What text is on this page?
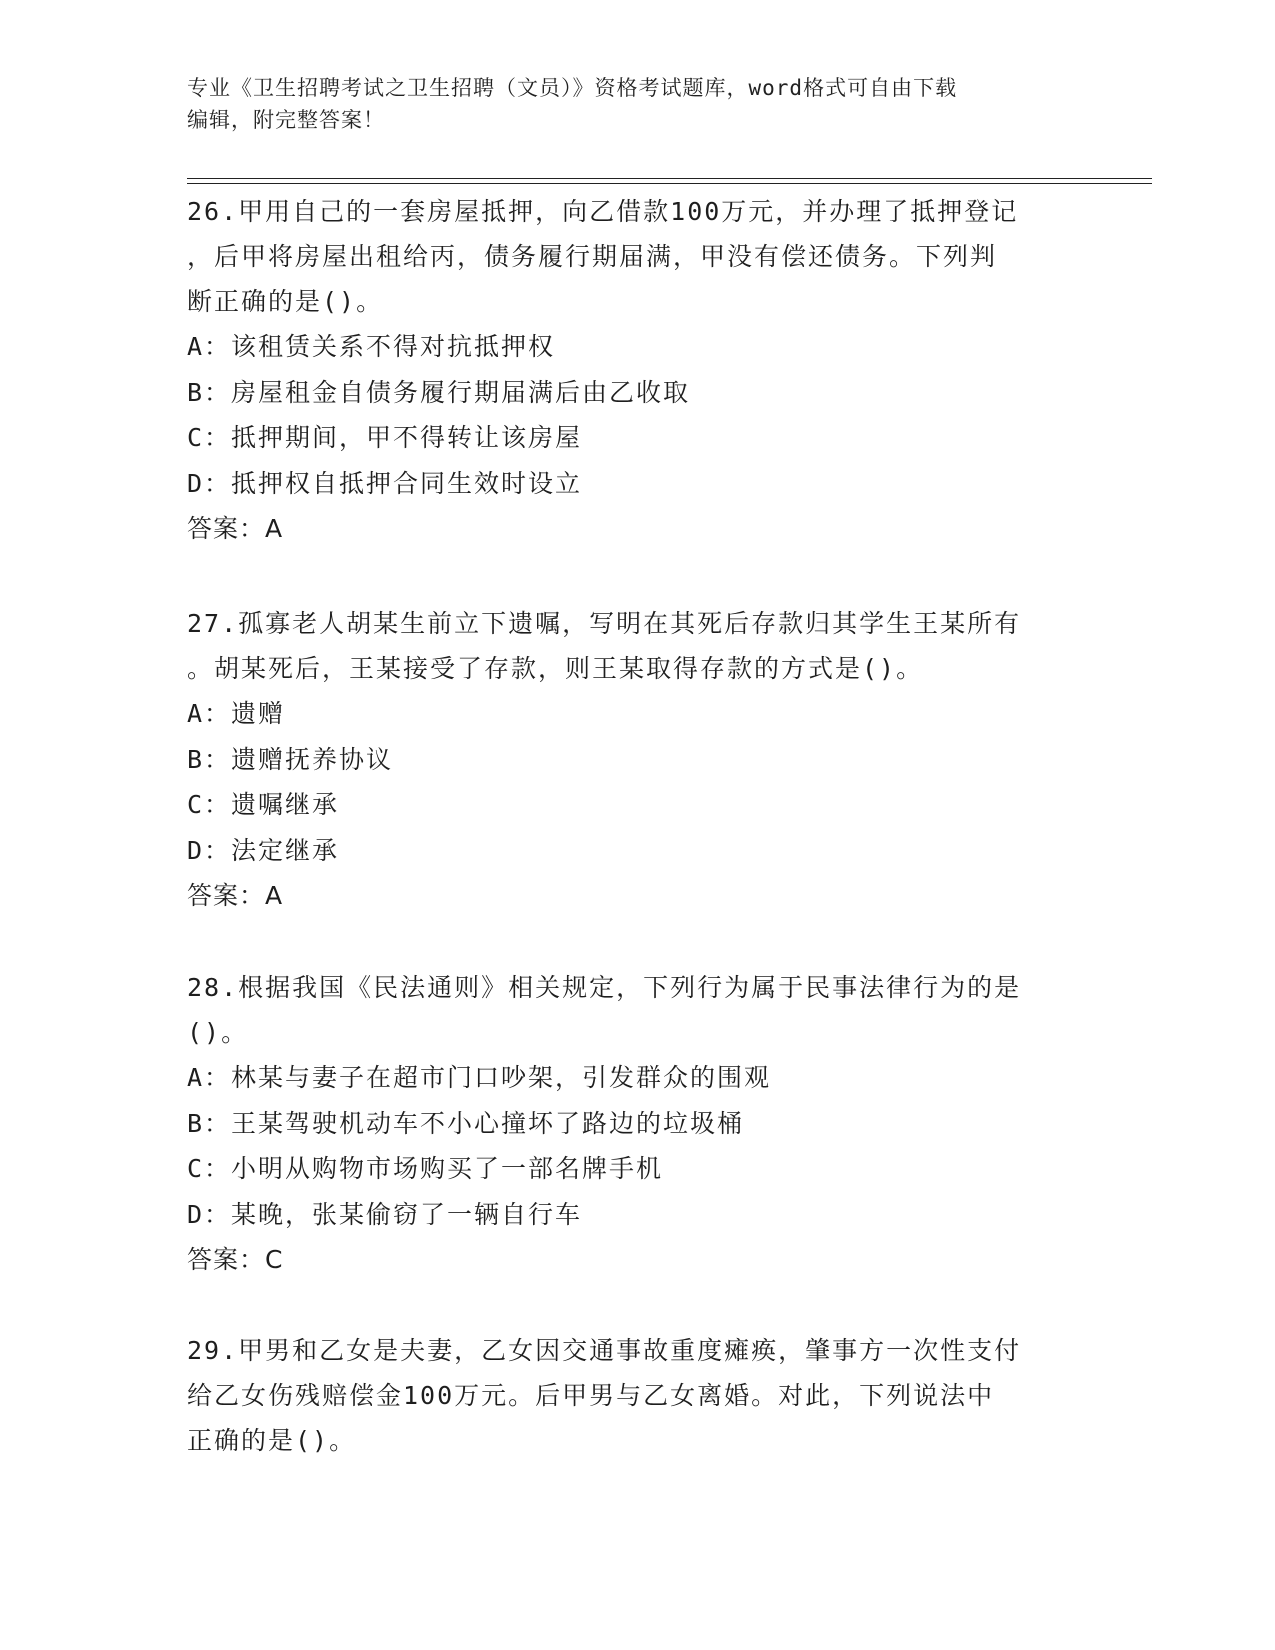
专业《卫生招聘考试之卫生招聘（文员）》资格考试题库，word格式可自由下载
编辑，附完整答案！
26.甲用自己的一套房屋抵押，向乙借款100万元，并办理了抵押登记
，后甲将房屋出租给丙，债务履行期届满，甲没有偿还债务。下列判
断正确的是()。
A：该租赁关系不得对抗抵押权
B：房屋租金自债务履行期届满后由乙收取
C：抵押期间，甲不得转让该房屋
D：抵押权自抵押合同生效时设立
答案：A
27.孤寡老人胡某生前立下遗嘱，写明在其死后存款归其学生王某所有
。胡某死后，王某接受了存款，则王某取得存款的方式是()。
A：遗赠
B：遗赠抚养协议
C：遗嘱继承
D：法定继承
答案：A
28.根据我国《民法通则》相关规定，下列行为属于民事法律行为的是
()。
A：林某与妻子在超市门口吵架，引发群众的围观
B：王某驾驶机动车不小心撞坏了路边的垃圾桶
C：小明从购物市场购买了一部名牌手机
D：某晚，张某偷窃了一辆自行车
答案：C
29.甲男和乙女是夫妻，乙女因交通事故重度瘫痪，肇事方一次性支付
给乙女伤残赔偿金100万元。后甲男与乙女离婚。对此，下列说法中
正确的是()。
